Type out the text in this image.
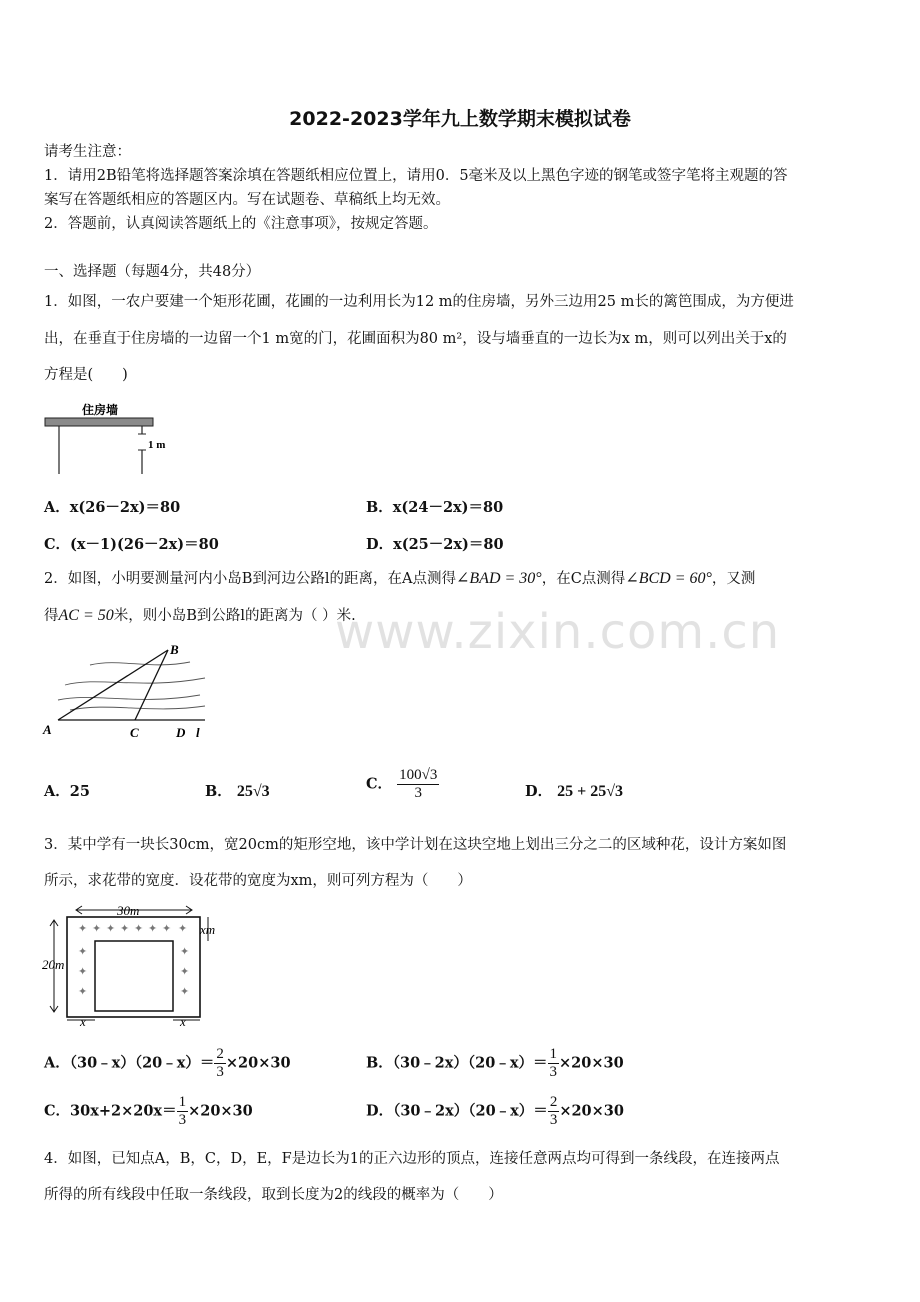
2022-2023学年九上数学期末模拟试卷
请考生注意：
1．请用2B铅笔将选择题答案涂填在答题纸相应位置上，请用0．5毫米及以上黑色字迹的钢笔或签字笔将主观题的答
案写在答题纸相应的答题区内。写在试题卷、草稿纸上均无效。
2．答题前，认真阅读答题纸上的《注意事项》，按规定答题。
一、选择题（每题4分，共48分）
1．如图，一农户要建一个矩形花圃，花圃的一边利用长为12 m的住房墙，另外三边用25 m长的篱笆围成，为方便进
出，在垂直于住房墙的一边留一个1 m宽的门，花圃面积为80 m²，设与墙垂直的一边长为x m，则可以列出关于x的
方程是(　　)
住房墙
1 m
A．x(26－2x)＝80	B．x(24－2x)＝80
C．(x－1)(26－2x)＝80	D．x(25－2x)＝80
2．如图，小明要测量河内小岛B到河边公路l的距离，在A点测得∠BAD = 30°，在C点测得∠BCD = 60°，又测
得AC = 50米，则小岛B到公路l的距离为（ ）米.
A
B
C	D l
A．25	B． 25√3	C． $\frac{100√3}{3}$	D． 25 + 25√3
www.zixin.com.cn
3．某中学有一块长30cm，宽20cm的矩形空地，该中学计划在这块空地上划出三分之二的区域种花，设计方案如图
所示，求花带的宽度．设花带的宽度为xm，则可列方程为（　　）
30m
20m
xm
x	x
✦ ✦ ✦ ✦ ✦ ✦ ✦ ✦
✦
✦
✦
✦
✦
✦
A．（30﹣x）（20﹣x）＝ $\frac{2}{3} \times 20\times 30$	B．（30﹣2x）（20﹣x）＝ $\frac{1}{3} \times 20\times 30$
C．$30x+2\times 20x= \frac{1}{3} \times 20\times 30$	D．（30﹣2x）（20﹣x）＝ $\frac{2}{3} \times 20\times 30$
4．如图，已知点A，B，C，D，E，F是边长为1的正六边形的顶点，连接任意两点均可得到一条线段，在连接两点
所得的所有线段中任取一条线段，取到长度为2的线段的概率为（　　）
